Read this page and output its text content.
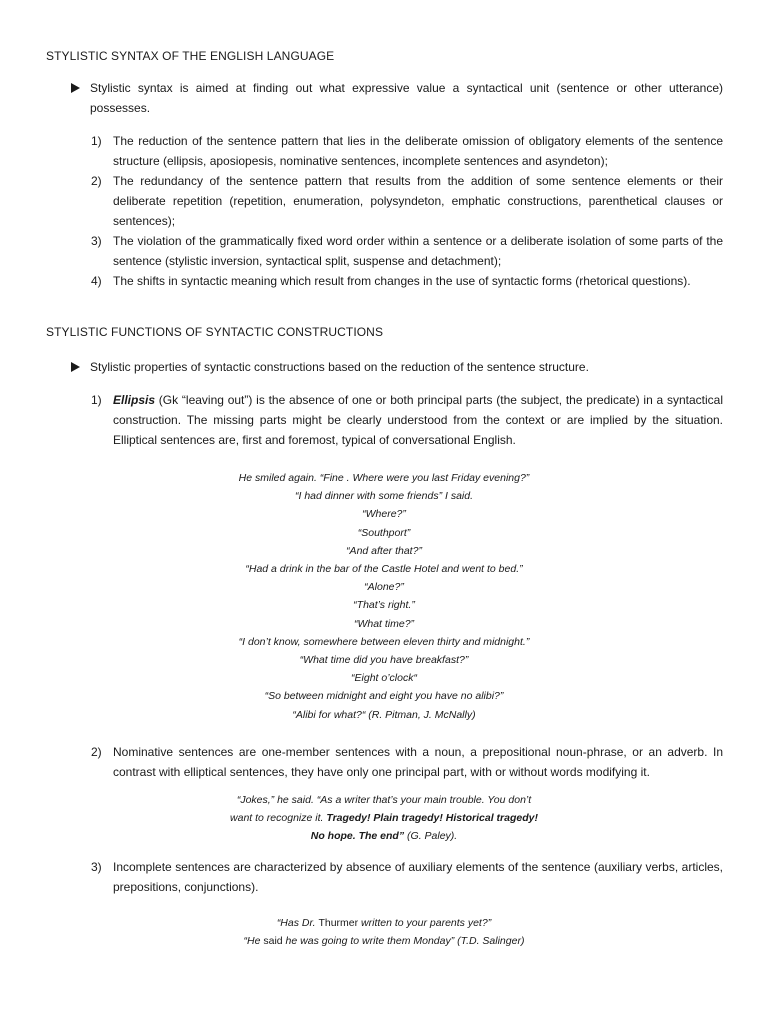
STYLISTIC SYNTAX OF THE ENGLISH LANGUAGE
Stylistic syntax is aimed at finding out what expressive value a syntactical unit (sentence or other utterance) possesses.
1) The reduction of the sentence pattern that lies in the deliberate omission of obligatory elements of the sentence structure (ellipsis, aposiopesis, nominative sentences, incomplete sentences and asyndeton);
2) The redundancy of the sentence pattern that results from the addition of some sentence elements or their deliberate repetition (repetition, enumeration, polysyndeton, emphatic constructions, parenthetical clauses or sentences);
3) The violation of the grammatically fixed word order within a sentence or a deliberate isolation of some parts of the sentence (stylistic inversion, syntactical split, suspense and detachment);
4) The shifts in syntactic meaning which result from changes in the use of syntactic forms (rhetorical questions).
STYLISTIC FUNCTIONS OF SYNTACTIC CONSTRUCTIONS
Stylistic properties of syntactic constructions based on the reduction of the sentence structure.
1) Ellipsis (Gk “leaving out”) is the absence of one or both principal parts (the subject, the predicate) in a syntactical construction. The missing parts might be clearly understood from the context or are implied by the situation. Elliptical sentences are, first and foremost, typical of conversational English.
He smiled again. “Fine . Where were you last Friday evening?”
“I had dinner with some friends” I said.
“Where?”
“Southport”
“And after that?”
“Had a drink in the bar of the Castle Hotel and went to bed.”
“Alone?”
“That’s right.”
“What time?”
“I don’t know, somewhere between eleven thirty and midnight.”
“What time did you have breakfast?”
“Eight o’clock“
“So between midnight and eight you have no alibi?”
“Alibi for what?“ (R. Pitman, J. McNally)
2) Nominative sentences are one-member sentences with a noun, a prepositional noun-phrase, or an adverb. In contrast with elliptical sentences, they have only one principal part, with or without words modifying it.
“Jokes,” he said. “As a writer that’s your main trouble. You don’t
want to recognize it. Tragedy! Plain tragedy! Historical tragedy!
No hope. The end” (G. Paley).
3) Incomplete sentences are characterized by absence of auxiliary elements of the sentence (auxiliary verbs, articles, prepositions, conjunctions).
“Has Dr. Thurmer written to your parents yet?”
“He said he was going to write them Monday” (T.D. Salinger)
